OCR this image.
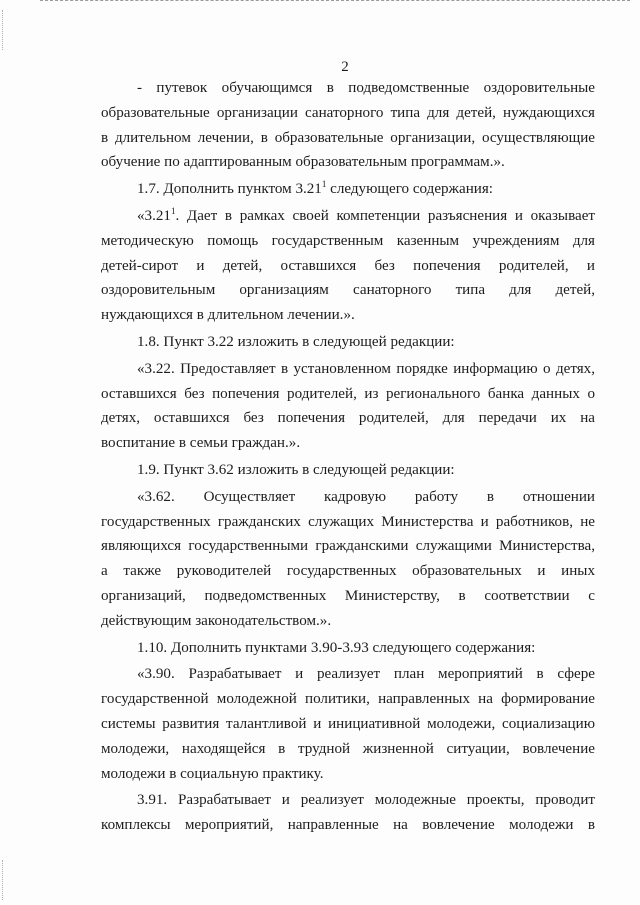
2
- путевок обучающимся в подведомственные оздоровительные
образовательные организации санаторного типа для детей, нуждающихся
в длительном лечении, в образовательные организации, осуществляющие
обучение по адаптированным образовательным программам.».
1.7. Дополнить пунктом 3.21$^1$ следующего содержания:
«3.21$^1$. Дает в рамках своей компетенции разъяснения и оказывает
методическую помощь государственным казенным учреждениям для
детей-сирот и детей, оставшихся без попечения родителей, и
оздоровительным организациям санаторного типа для детей,
нуждающихся в длительном лечении.».
1.8. Пункт 3.22 изложить в следующей редакции:
«3.22. Предоставляет в установленном порядке информацию о детях,
оставшихся без попечения родителей, из регионального банка данных о
детях, оставшихся без попечения родителей, для передачи их на
воспитание в семьи граждан.».
1.9. Пункт 3.62 изложить в следующей редакции:
«3.62. Осуществляет кадровую работу в отношении
государственных гражданских служащих Министерства и работников, не
являющихся государственными гражданскими служащими Министерства,
а также руководителей государственных образовательных и иных
организаций, подведомственных Министерству, в соответствии с
действующим законодательством.».
1.10. Дополнить пунктами 3.90-3.93 следующего содержания:
«3.90. Разрабатывает и реализует план мероприятий в сфере
государственной молодежной политики, направленных на формирование
системы развития талантливой и инициативной молодежи, социализацию
молодежи, находящейся в трудной жизненной ситуации, вовлечение
молодежи в социальную практику.
3.91. Разрабатывает и реализует молодежные проекты, проводит
комплексы мероприятий, направленные на вовлечение молодежи в
